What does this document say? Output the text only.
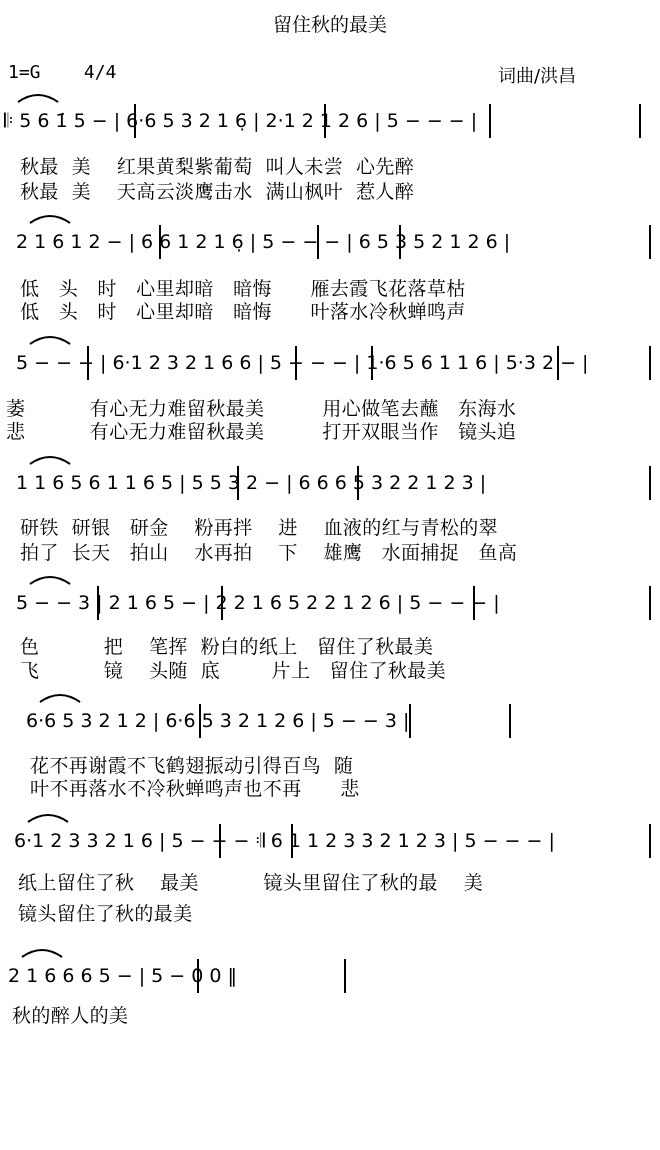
留住秋的最美
1=G 4/4	词曲/洪昌
𝄆 5 6 1̇ 5 − | 6·6 5 3 2 1 6̣ | 2·1 2 1 2 6 | 5 − − − |
2 1 6 1 2 − | 6 6 1 2 1 6̣ | 5 − − − | 6 5 3 5 2 1 2 6 |
5 − − − | 6·1 2 3 2 1 6 6 | 5 − − − | 1·6 5 6 1 1 6 | 5·3 2 − |
1 1 6 5 6 1 1 6 5 | 5 5 3 2 − | 6 6 6 5 3 2 2 1 2 3 |
5 − − 3 | 2 1 6 5 − | 2 2 1 6 5 2 2 1 2 6 | 5 − − − |
6·6 5 3 2 1 2 | 6·6 5 3 2 1 2 6 | 5 − − 3 |
6·1 2 3 3 2 1 6 | 5 − − − 𝄇 6 1 1 2 3 3 2 1 2 3 | 5 − − − |
2 1 6 6 6 5 − | 5 − 0 0 ‖
秋最  美    红果黄梨紫葡萄  叫人未尝  心先醉
秋最  美    天高云淡鹰击水  满山枫叶  惹人醉
低   头   时   心里却暗   暗悔      雁去霞飞花落草枯
低   头   时   心里却暗   暗悔      叶落水冷秋蝉鸣声
萎          有心无力难留秋最美         用心做笔去蘸   东海水
悲          有心无力难留秋最美         打开双眼当作   镜头追
研铁  研银   研金    粉再拌    进    血液的红与青松的翠
拍了  长天   拍山    水再拍    下    雄鹰   水面捕捉   鱼高
色          把    笔挥  粉白的纸上   留住了秋最美
飞          镜    头随  底        片上   留住了秋最美
花不再谢霞不飞鹤翅振动引得百鸟  随
叶不再落水不冷秋蝉鸣声也不再      悲
纸上留住了秋    最美          镜头里留住了秋的最    美
镜头留住了秋的最美
秋的醉人的美
